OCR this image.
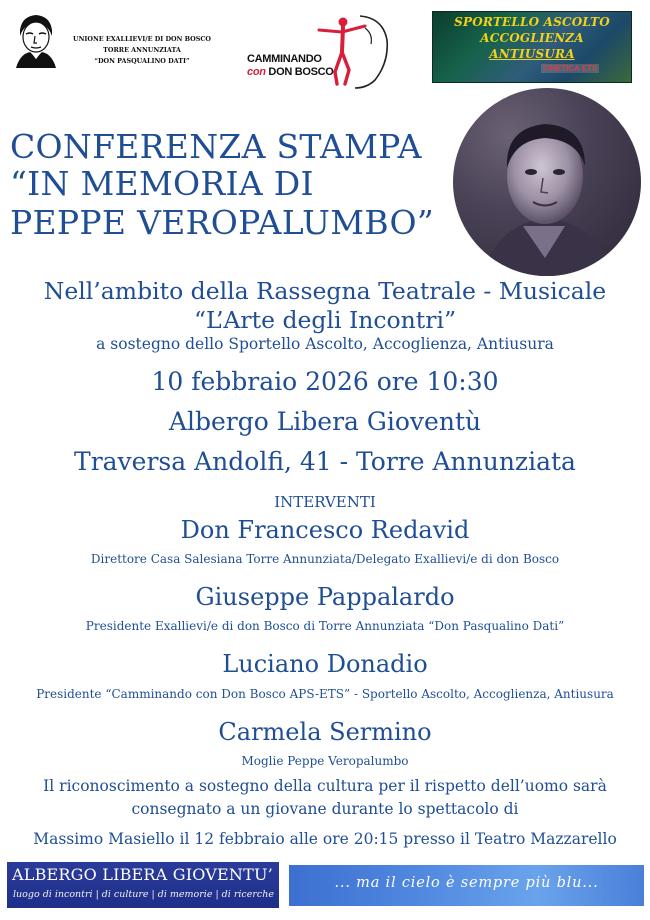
UNIONE EXALLIEVI/E DI DON BOSCO
TORRE ANNUNZIATA
“DON PASQUALINO DATI”	CAMMINANDO
con DON BOSCO
SPORTELLO ASCOLTO
ACCOGLIENZA
ANTIUSURA
FINETICA ETS
CONFERENZA STAMPA
“IN MEMORIA DI
PEPPE VEROPALUMBO”
Nell’ambito della Rassegna Teatrale - Musicale
“L’Arte degli Incontri”
a sostegno dello Sportello Ascolto, Accoglienza, Antiusura
10 febbraio 2026 ore 10:30
Albergo Libera Gioventù
Traversa Andolfi, 41 - Torre Annunziata
INTERVENTI
Don Francesco Redavid
Direttore Casa Salesiana Torre Annunziata/Delegato Exallievi/e di don Bosco
Giuseppe Pappalardo
Presidente Exallievi/e di don Bosco di Torre Annunziata “Don Pasqualino Dati”
Luciano Donadio
Presidente “Camminando con Don Bosco APS-ETS” - Sportello Ascolto, Accoglienza, Antiusura
Carmela Sermino
Moglie Peppe Veropalumbo
Il riconoscimento a sostegno della cultura per il rispetto dell’uomo sarà
consegnato a un giovane durante lo spettacolo di
Massimo Masiello il 12 febbraio alle ore 20:15 presso il Teatro Mazzarello
ALBERGO LIBERA GIOVENTU’
luogo di incontri | di culture | di memorie | di ricerche
... ma il cielo è sempre più blu...
